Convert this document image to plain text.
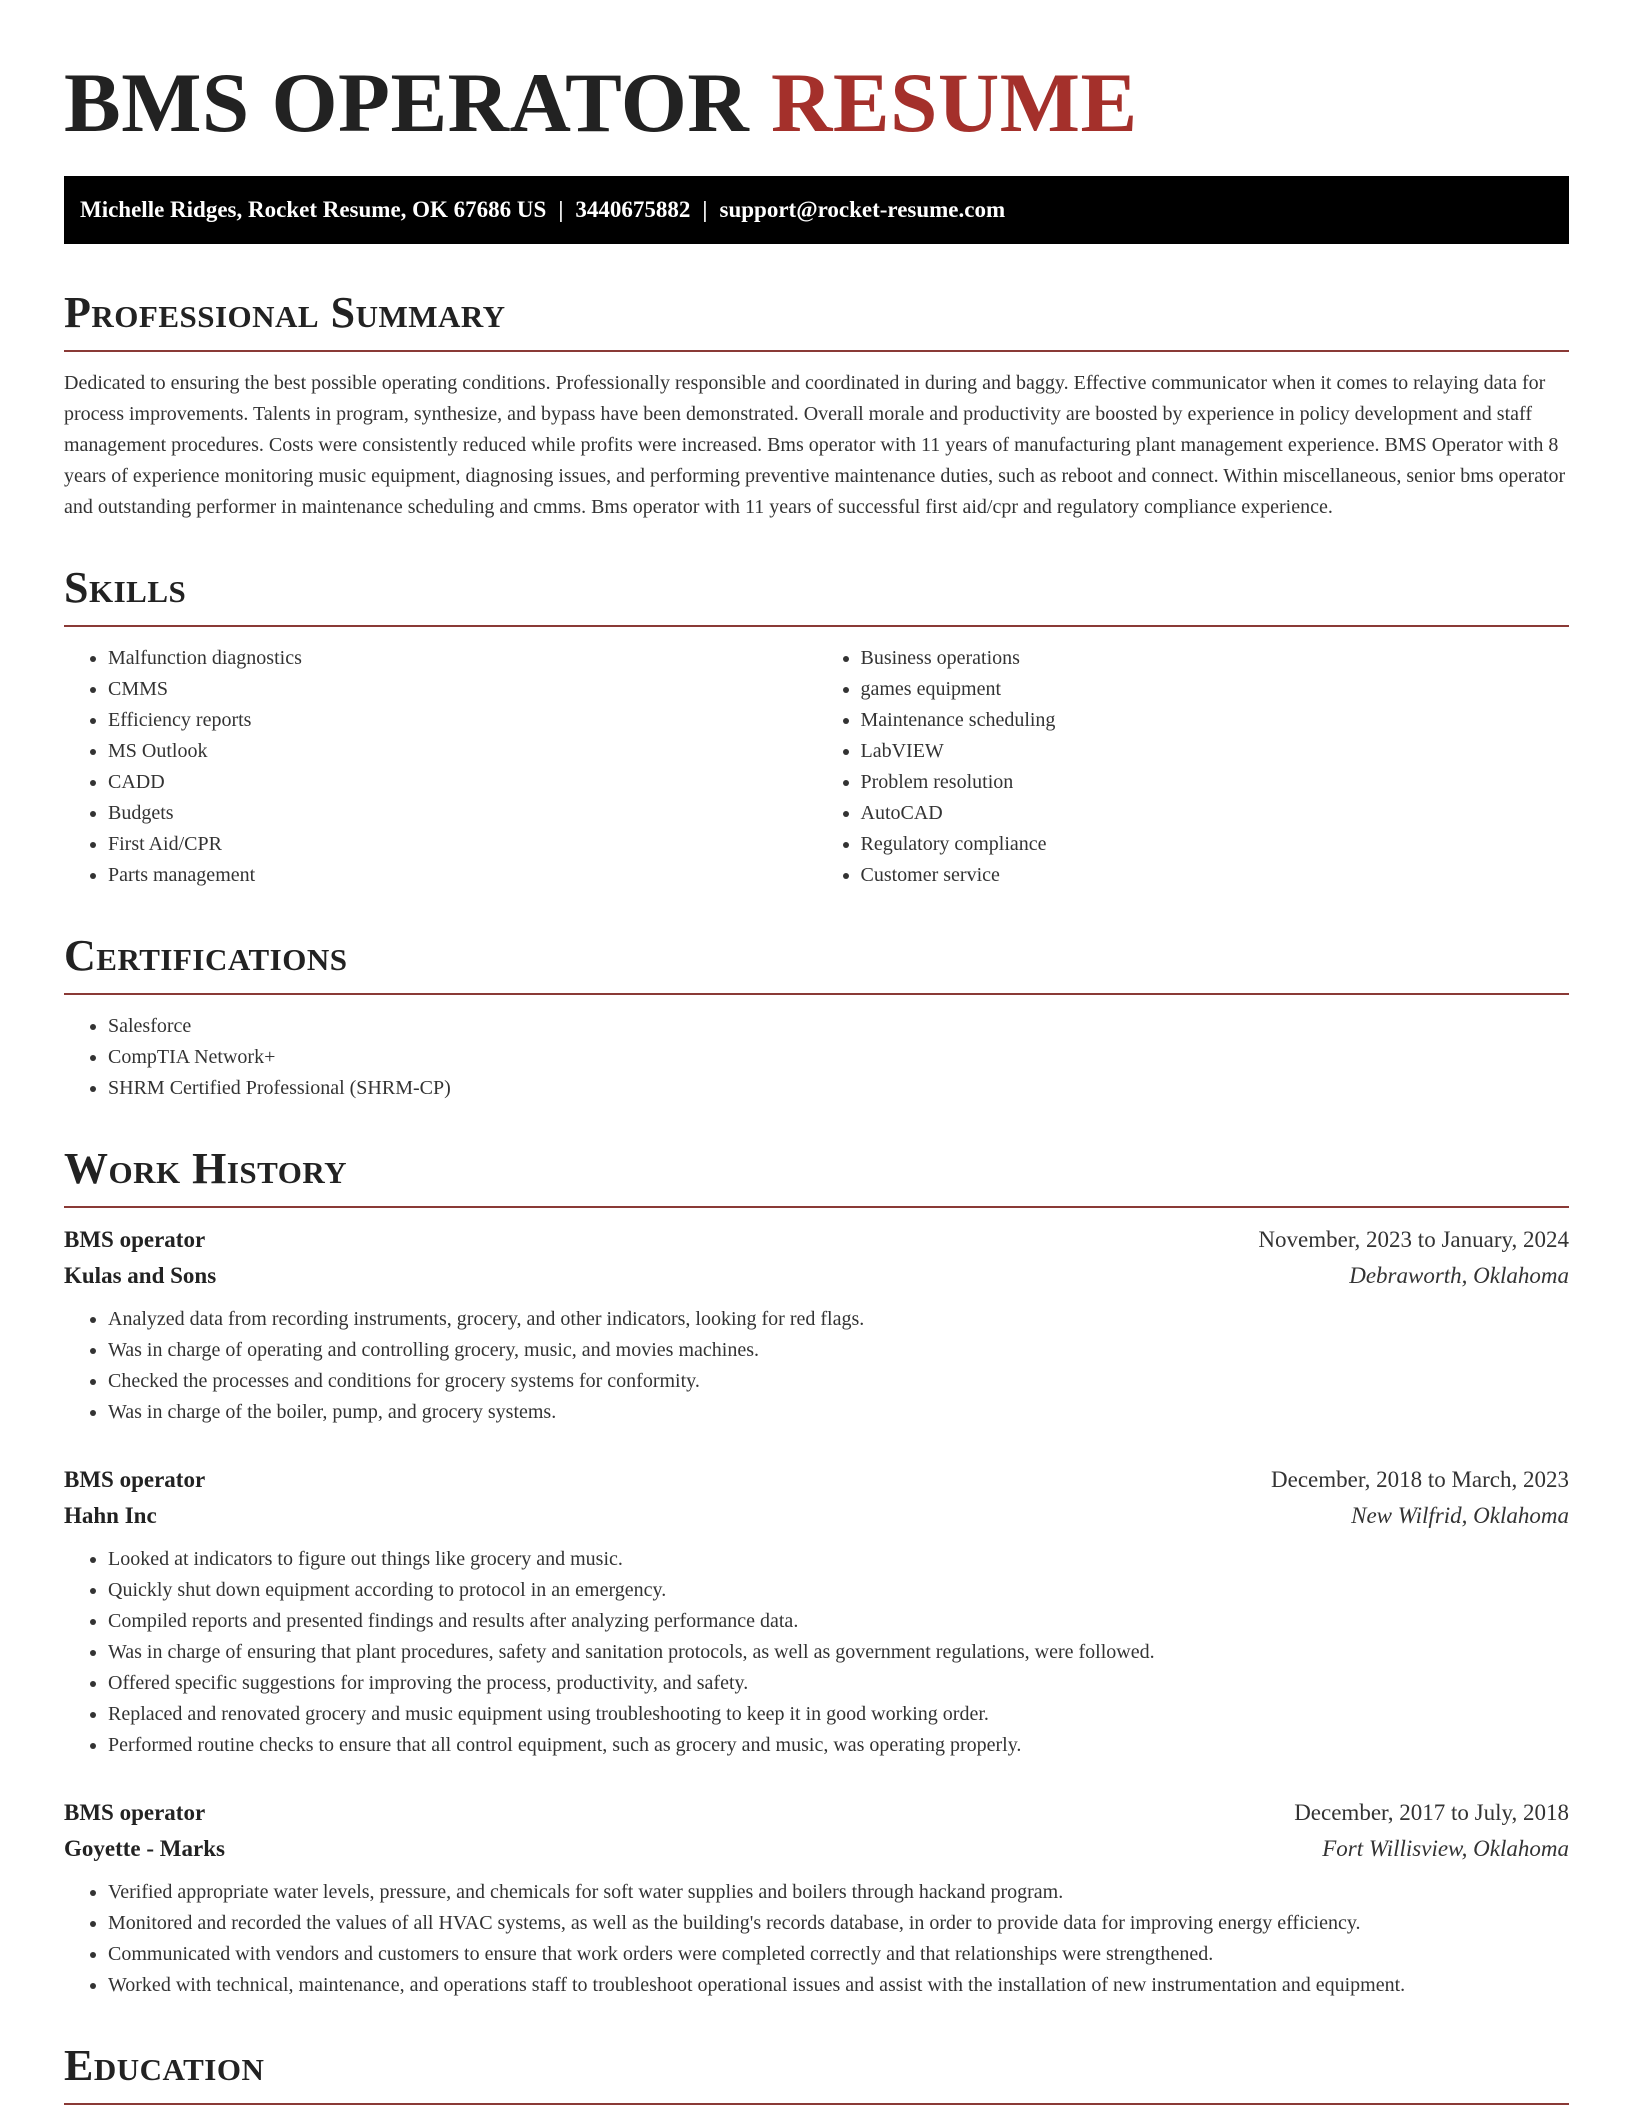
BMS OPERATOR RESUME
Michelle Ridges, Rocket Resume, OK 67686 US | 3440675882 | support@rocket-resume.com
Professional Summary

Dedicated to ensuring the best possible operating conditions. Professionally responsible and coordinated in during and baggy. Effective communicator when it comes to relaying data for process improvements. Talents in program, synthesize, and bypass have been demonstrated. Overall morale and productivity are boosted by experience in policy development and staff management procedures. Costs were consistently reduced while profits were increased. Bms operator with 11 years of manufacturing plant management experience. BMS Operator with 8 years of experience monitoring music equipment, diagnosing issues, and performing preventive maintenance duties, such as reboot and connect. Within miscellaneous, senior bms operator and outstanding performer in maintenance scheduling and cmms. Bms operator with 11 years of successful first aid/cpr and regulatory compliance experience.

Skills
• Malfunction diagnostics
• CMMS
• Efficiency reports
• MS Outlook
• CADD
• Budgets
• First Aid/CPR
• Parts management
• Business operations
• games equipment
• Maintenance scheduling
• LabVIEW
• Problem resolution
• AutoCAD
• Regulatory compliance
• Customer service
Certifications
• Salesforce
• CompTIA Network+
• SHRM Certified Professional (SHRM-CP)
Work History
BMS operator	November, 2023 to January, 2024
Kulas and Sons	Debraworth, Oklahoma
• Analyzed data from recording instruments, grocery, and other indicators, looking for red flags.
• Was in charge of operating and controlling grocery, music, and movies machines.
• Checked the processes and conditions for grocery systems for conformity.
• Was in charge of the boiler, pump, and grocery systems.
BMS operator	December, 2018 to March, 2023
Hahn Inc	New Wilfrid, Oklahoma
• Looked at indicators to figure out things like grocery and music.
• Quickly shut down equipment according to protocol in an emergency.
• Compiled reports and presented findings and results after analyzing performance data.
• Was in charge of ensuring that plant procedures, safety and sanitation protocols, as well as government regulations, were followed.
• Offered specific suggestions for improving the process, productivity, and safety.
• Replaced and renovated grocery and music equipment using troubleshooting to keep it in good working order.
• Performed routine checks to ensure that all control equipment, such as grocery and music, was operating properly.
BMS operator	December, 2017 to July, 2018
Goyette - Marks	Fort Willisview, Oklahoma
• Verified appropriate water levels, pressure, and chemicals for soft water supplies and boilers through hackand program.
• Monitored and recorded the values of all HVAC systems, as well as the building's records database, in order to provide data for improving energy efficiency.
• Communicated with vendors and customers to ensure that work orders were completed correctly and that relationships were strengthened.
• Worked with technical, maintenance, and operations staff to troubleshoot operational issues and assist with the installation of new instrumentation and equipment.
Education
